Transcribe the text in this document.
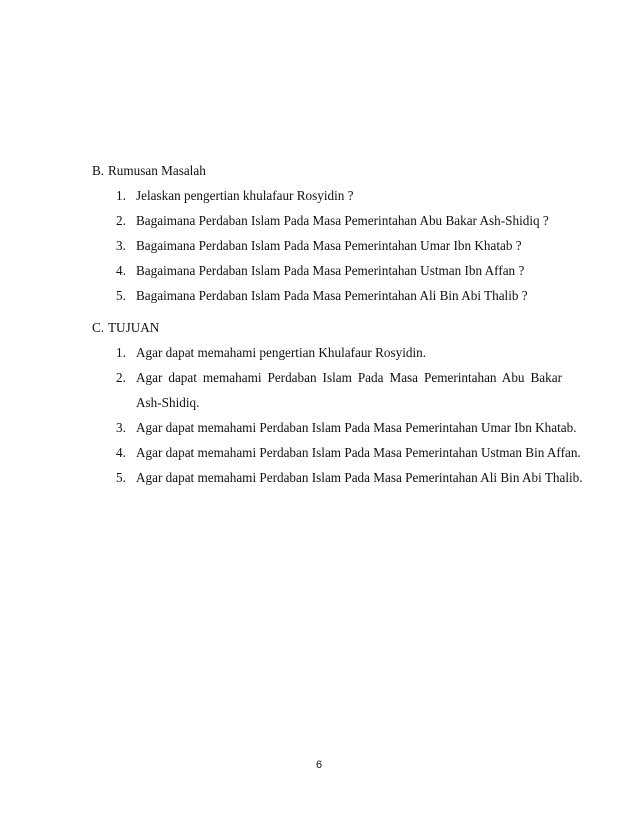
B. Rumusan Masalah
1. Jelaskan pengertian khulafaur Rosyidin ?
2. Bagaimana Perdaban Islam Pada Masa Pemerintahan Abu Bakar Ash-Shidiq ?
3. Bagaimana Perdaban Islam Pada Masa Pemerintahan Umar Ibn Khatab ?
4. Bagaimana Perdaban Islam Pada Masa Pemerintahan Ustman Ibn Affan ?
5. Bagaimana Perdaban Islam Pada Masa Pemerintahan Ali Bin Abi Thalib ?
C. TUJUAN
1. Agar dapat memahami pengertian Khulafaur Rosyidin.
2. Agar dapat memahami Perdaban Islam Pada Masa Pemerintahan Abu Bakar Ash-Shidiq.
3. Agar dapat memahami Perdaban Islam Pada Masa Pemerintahan Umar Ibn Khatab.
4. Agar dapat memahami Perdaban Islam Pada Masa Pemerintahan Ustman Bin Affan.
5. Agar dapat memahami Perdaban Islam Pada Masa Pemerintahan Ali Bin Abi Thalib.
6
